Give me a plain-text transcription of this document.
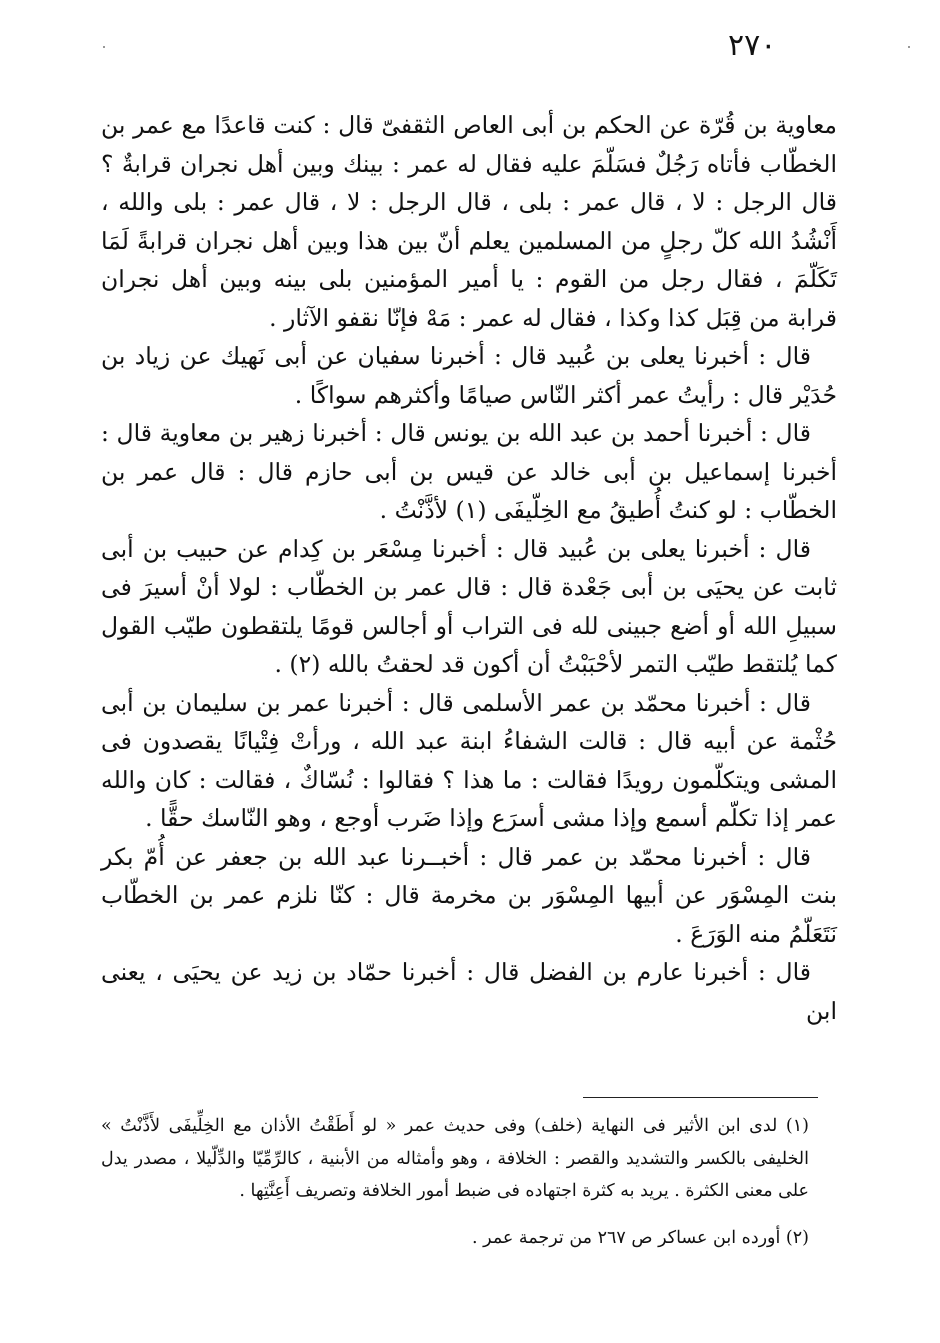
٢٧٠

معاوية بن قُرّة عن الحكم بن أبى العاص الثقفىّ قال : كنت قاعدًا مع عمر بن الخطّاب فأتاه رَجُلٌ فسَلّمَ عليه فقال له عمر : بينك وبين أهل نجران قرابةٌ ؟ قال الرجل : لا ، قال عمر : بلى ، قال الرجل : لا ، قال عمر : بلى والله ، أَنْشُدُ الله كلّ رجلٍ من المسلمين يعلم أنّ بين هذا وبين أهل نجران قرابةً لَمَا تَكَلّمَ ، فقال رجل من القوم : يا أمير المؤمنين بلى بينه وبين أهل نجران قرابة من قِبَل كذا وكذا ، فقال له عمر : مَهْ فإنّا نقفو الآثار .

قال : أخبرنا يعلى بن عُبيد قال : أخبرنا سفيان عن أبى نَهيك عن زياد بن حُدَيْر قال : رأيتُ عمر أكثر النّاس صيامًا وأكثرهم سواكًا .

قال : أخبرنا أحمد بن عبد الله بن يونس قال : أخبرنا زهير بن معاوية قال : أخبرنا إسماعيل بن أبى خالد عن قيس بن أبى حازم قال : قال عمر بن الخطّاب : لو كنتُ أُطيقُ مع الخِلّيفَى (١) لأذَّنْتُ .

قال : أخبرنا يعلى بن عُبيد قال : أخبرنا مِسْعَر بن كِدام عن حبيب بن أبى ثابت عن يحيَى بن أبى جَعْدة قال : قال عمر بن الخطّاب : لولا أنْ أسيرَ فى سبيلِ الله أو أضع جبينى لله فى التراب أو أجالس قومًا يلتقطون طيّب القول كما يُلتقط طيّب التمر لأحْبَبْتُ أن أكون قد لحقتُ بالله (٢) .

قال : أخبرنا محمّد بن عمر الأسلمى قال : أخبرنا عمر بن سليمان بن أبى حُثْمة عن أبيه قال : قالت الشفاءُ ابنة عبد الله ، ورأتْ فِتْيانًا يقصدون فى المشى ويتكلّمون رويدًا فقالت : ما هذا ؟ فقالوا : نُسّاكٌ ، فقالت : كان والله عمر إذا تكلّم أسمع وإذا مشى أسرَع وإذا ضَرب أوجع ، وهو النّاسك حقًّا .

قال : أخبرنا محمّد بن عمر قال : أخبــرنا عبد الله بن جعفر عن أُمّ بكر بنت المِسْوَر عن أبيها المِسْوَر بن مخرمة قال : كنّا نلزم عمر بن الخطّاب نَتَعَلّمُ منه الوَرَعَ .

قال : أخبرنا عارم بن الفضل قال : أخبرنا حمّاد بن زيد عن يحيَى ، يعنى ابن

(١) لدى ابن الأثير فى النهاية (خلف) وفى حديث عمر « لو أَطَقْتُ الأذان مع الخِلِّيفَى لأَذَّنْتُ » الخليفى بالكسر والتشديد والقصر : الخلافة ، وهو وأمثاله من الأبنية ، كالرِّمِّيّا والدِّلّيلا ، مصدر يدل على معنى الكثرة . يريد به كثرة اجتهاده فى ضبط أمور الخلافة وتصريف أَعِنَّتِها .

(٢) أورده ابن عساكر ص ٢٦٧ من ترجمة عمر .
